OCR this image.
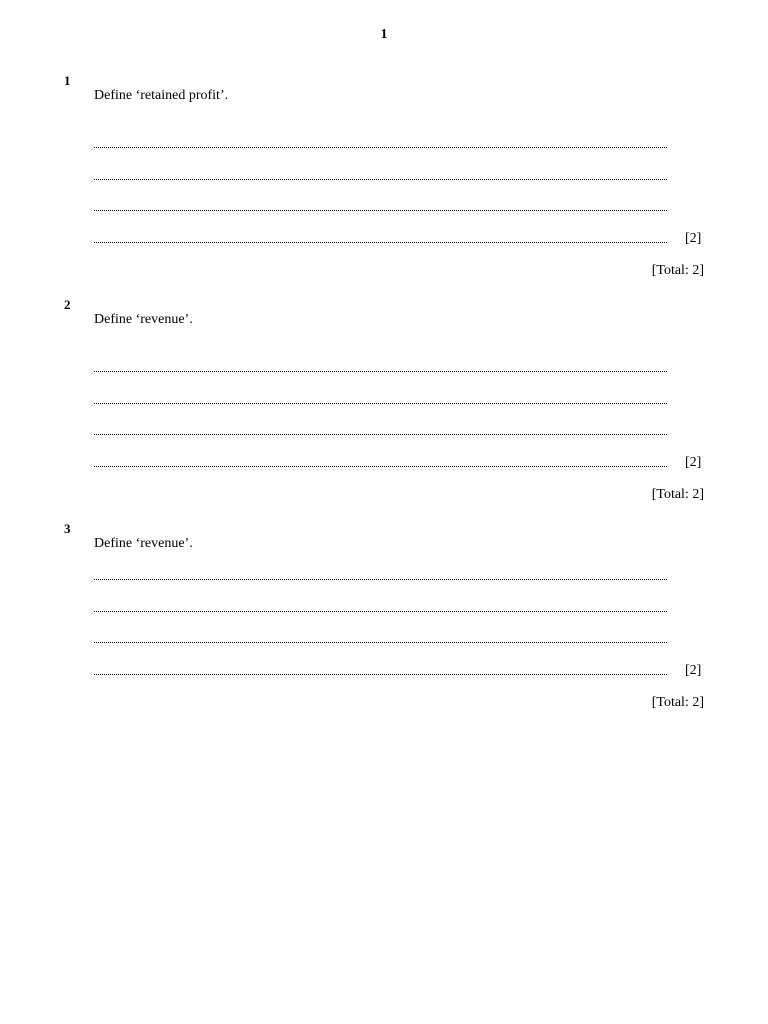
1
1
Define ‘retained profit’.
[2]
[Total: 2]
2
Define ‘revenue’.
[2]
[Total: 2]
3
Define ‘revenue’.
[2]
[Total: 2]
